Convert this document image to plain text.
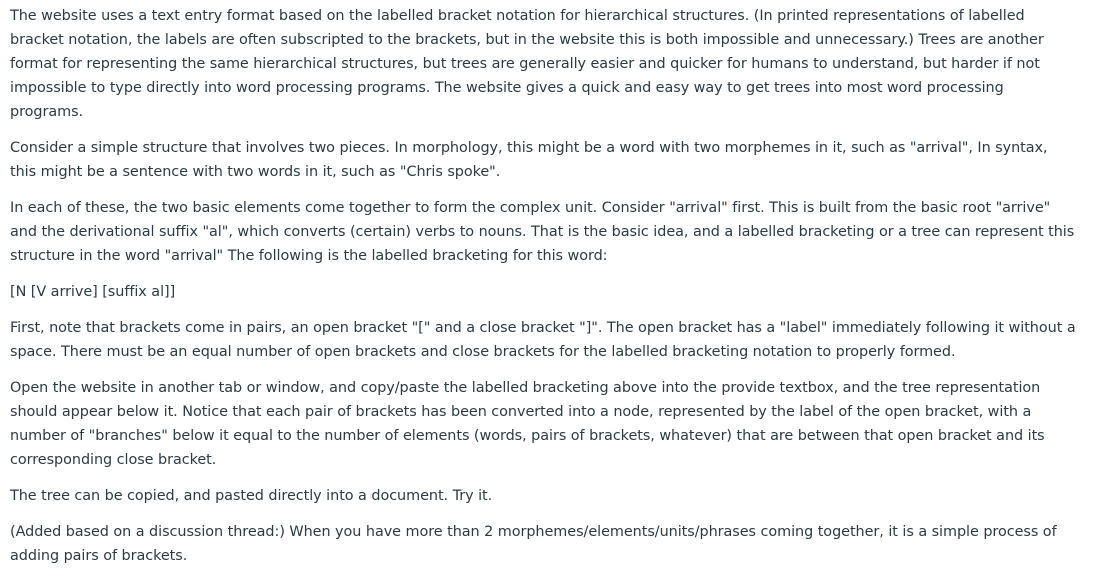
The website uses a text entry format based on the labelled bracket notation for hierarchical structures. (In printed representations of labelled bracket notation, the labels are often subscripted to the brackets, but in the website this is both impossible and unnecessary.) Trees are another format for representing the same hierarchical structures, but trees are generally easier and quicker for humans to understand, but harder if not impossible to type directly into word processing programs. The website gives a quick and easy way to get trees into most word processing programs.

Consider a simple structure that involves two pieces. In morphology, this might be a word with two morphemes in it, such as "arrival", In syntax, this might be a sentence with two words in it, such as "Chris spoke".

In each of these, the two basic elements come together to form the complex unit. Consider "arrival" first. This is built from the basic root "arrive" and the derivational suffix "al", which converts (certain) verbs to nouns. That is the basic idea, and a labelled bracketing or a tree can represent this structure in the word "arrival" The following is the labelled bracketing for this word:

[N [V arrive] [suffix al]]

First, note that brackets come in pairs, an open bracket "[" and a close bracket "]". The open bracket has a "label" immediately following it without a space. There must be an equal number of open brackets and close brackets for the labelled bracketing notation to properly formed.

Open the website in another tab or window, and copy/paste the labelled bracketing above into the provide textbox, and the tree representation should appear below it. Notice that each pair of brackets has been converted into a node, represented by the label of the open bracket, with a number of "branches" below it equal to the number of elements (words, pairs of brackets, whatever) that are between that open bracket and its corresponding close bracket.

The tree can be copied, and pasted directly into a document. Try it.

(Added based on a discussion thread:) When you have more than 2 morphemes/elements/units/phrases coming together, it is a simple process of adding pairs of brackets.
